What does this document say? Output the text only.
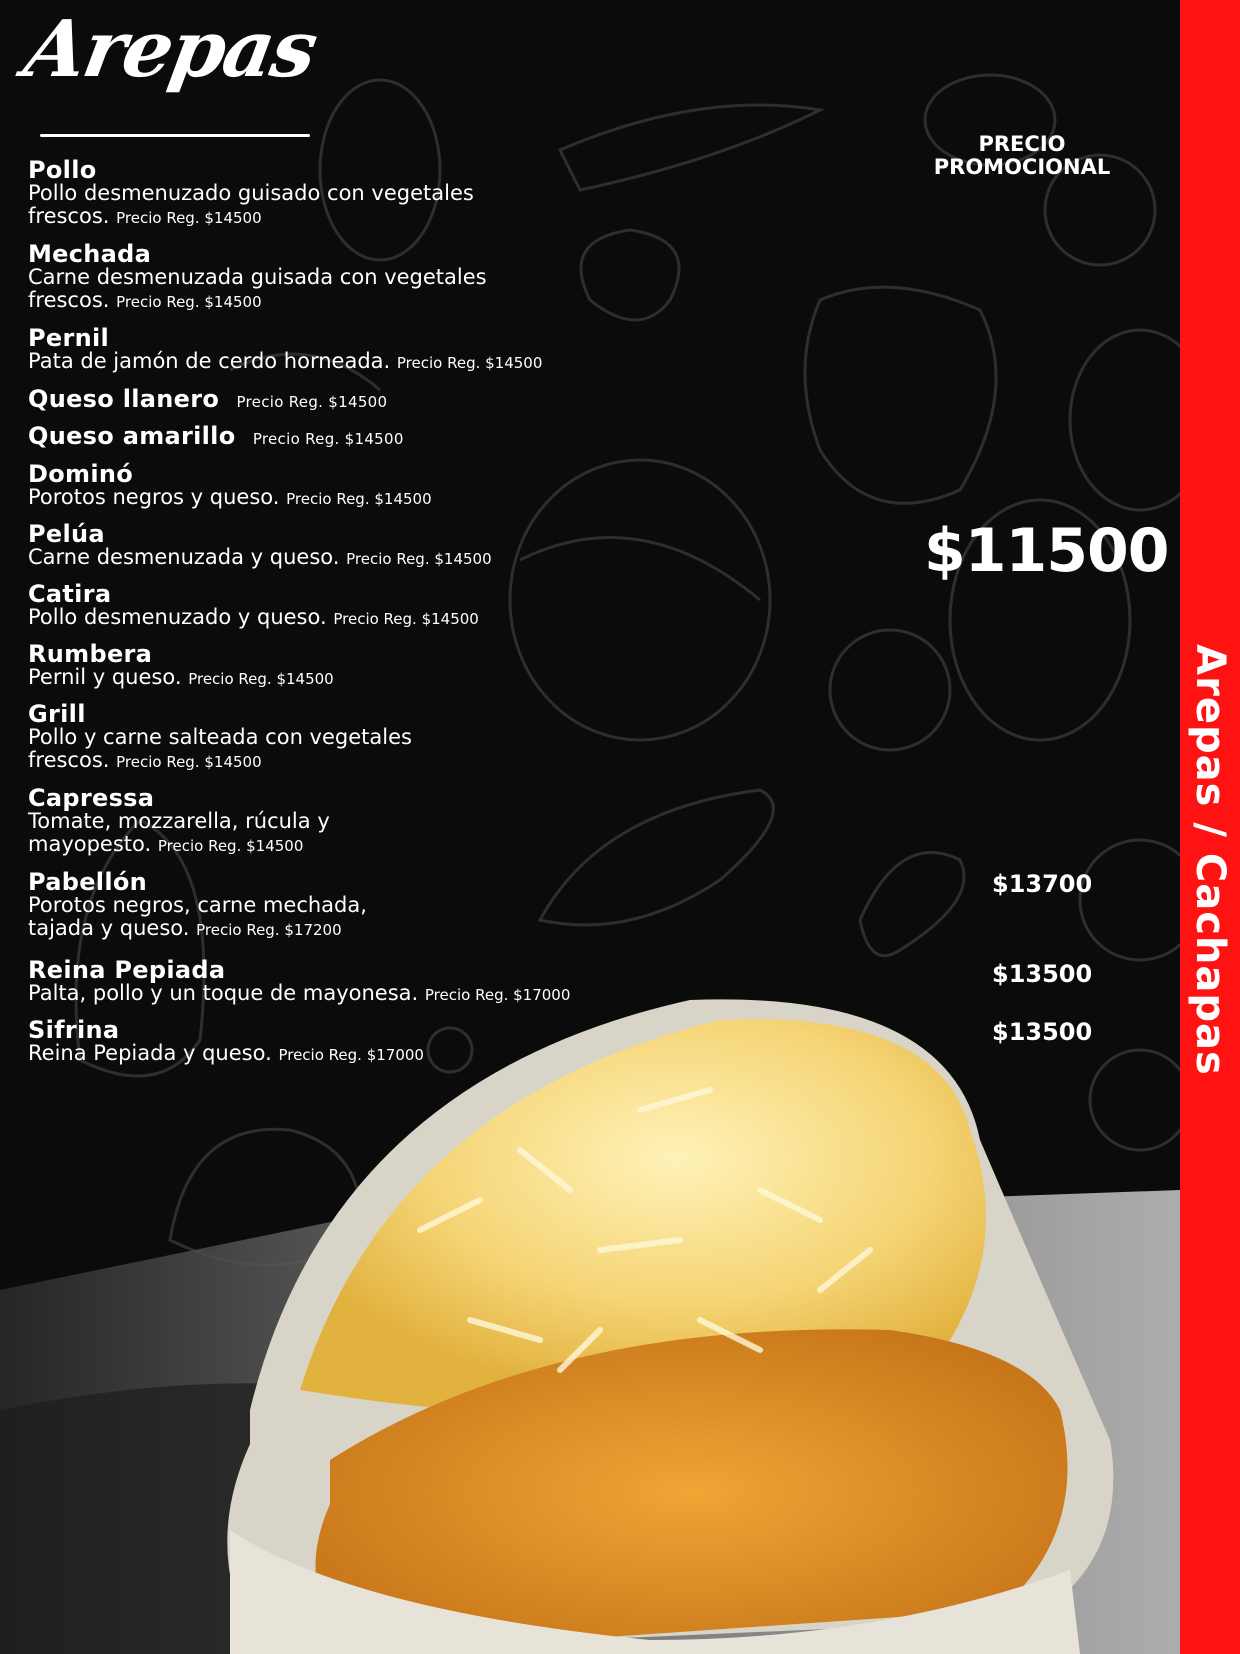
Arepas / Cachapas
Arepas
PRECIO
PROMOCIONAL
$11500
Pollo
Pollo desmenuzado guisado con vegetales frescos. Precio Reg. $14500
Mechada
Carne desmenuzada guisada con vegetales frescos. Precio Reg. $14500
Pernil
Pata de jamón de cerdo horneada. Precio Reg. $14500
Queso llanero Precio Reg. $14500
Queso amarillo Precio Reg. $14500
Dominó
Porotos negros y queso. Precio Reg. $14500
Pelúa
Carne desmenuzada y queso. Precio Reg. $14500
Catira
Pollo desmenuzado y queso. Precio Reg. $14500
Rumbera
Pernil y queso. Precio Reg. $14500
Grill
Pollo y carne salteada con vegetales frescos. Precio Reg. $14500
Capressa
Tomate, mozzarella, rúcula y mayopesto. Precio Reg. $14500
Pabellón
Porotos negros, carne mechada, tajada y queso. Precio Reg. $17200
$13700
Reina Pepiada
Palta, pollo y un toque de mayonesa. Precio Reg. $17000
$13500
Sifrina
Reina Pepiada y queso. Precio Reg. $17000
$13500
